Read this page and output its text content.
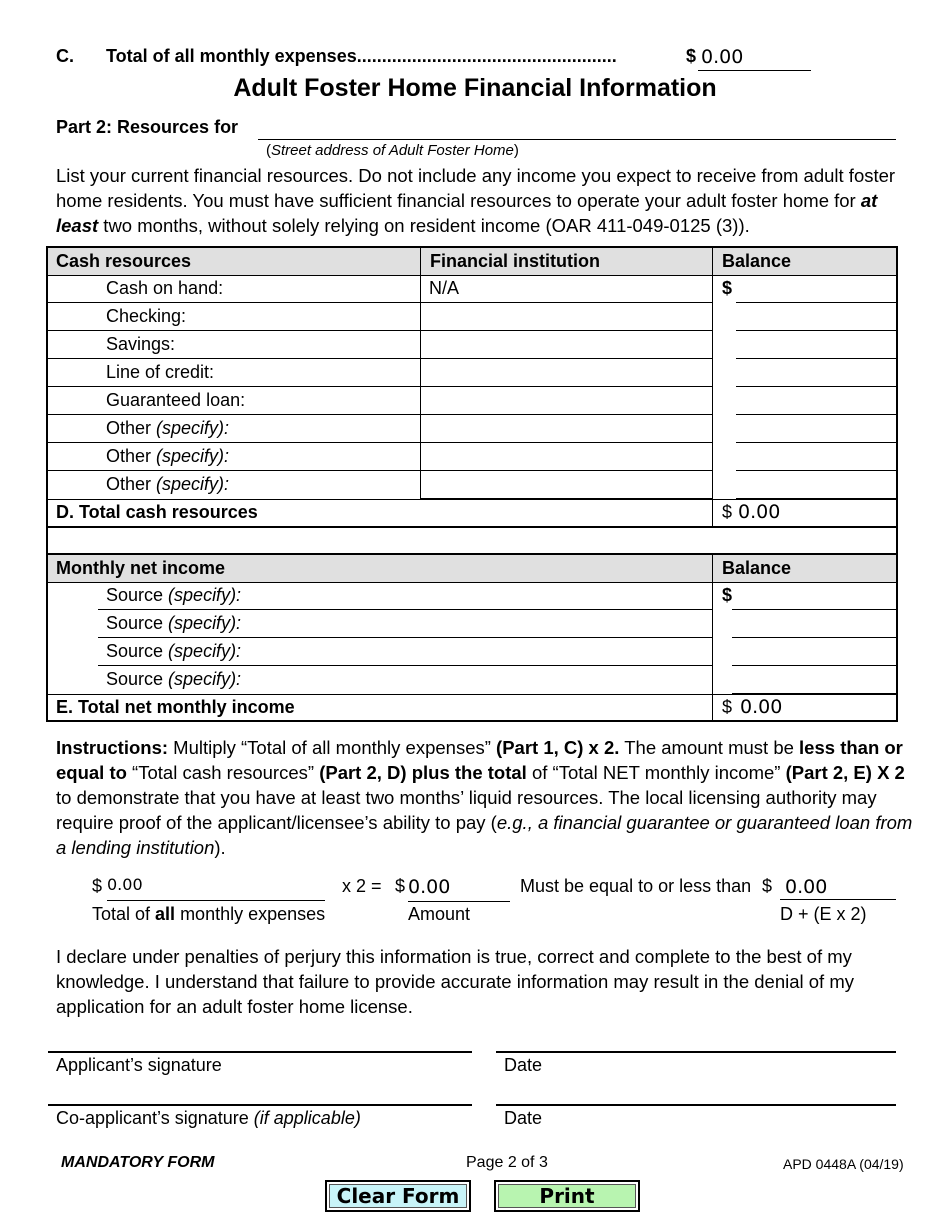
C. Total of all monthly expenses....................................................	$ 0.00
Adult Foster Home Financial Information
Part 2: Resources for
(Street address of Adult Foster Home)
List your current financial resources. Do not include any income you expect to receive from adult foster home residents. You must have sufficient financial resources to operate your adult foster home for at least two months, without solely relying on resident income (OAR 411-049-0125 (3)).
Cash resources	Financial institution	Balance
Cash on hand:	N/A	$
Checking:
Savings:
Line of credit:
Guaranteed loan:
Other (specify):
Other (specify):
Other (specify):
D. Total cash resources	$ 0.00
Monthly net income	Balance
Source (specify):	$
Source (specify):
Source (specify):
Source (specify):
E. Total net monthly income	$ 0.00
Instructions: Multiply “Total of all monthly expenses” (Part 1, C) x 2. The amount must be less than or equal to “Total cash resources” (Part 2, D) plus the total of “Total NET monthly income” (Part 2, E) X 2 to demonstrate that you have at least two months’ liquid resources. The local licensing authority may require proof of the applicant/licensee’s ability to pay (e.g., a financial guarantee or guaranteed loan from a lending institution).
$ 0.00
Total of all monthly expenses
x 2 = $ 0.00
Amount
Must be equal to or less than $ 0.00
D + (E x 2)
I declare under penalties of perjury this information is true, correct and complete to the best of my knowledge. I understand that failure to provide accurate information may result in the denial of my application for an adult foster home license.
Applicant’s signature	Date
Co-applicant’s signature (if applicable)	Date
MANDATORY FORM	Page 2 of 3	APD 0448A (04/19)
Clear Form	Print
